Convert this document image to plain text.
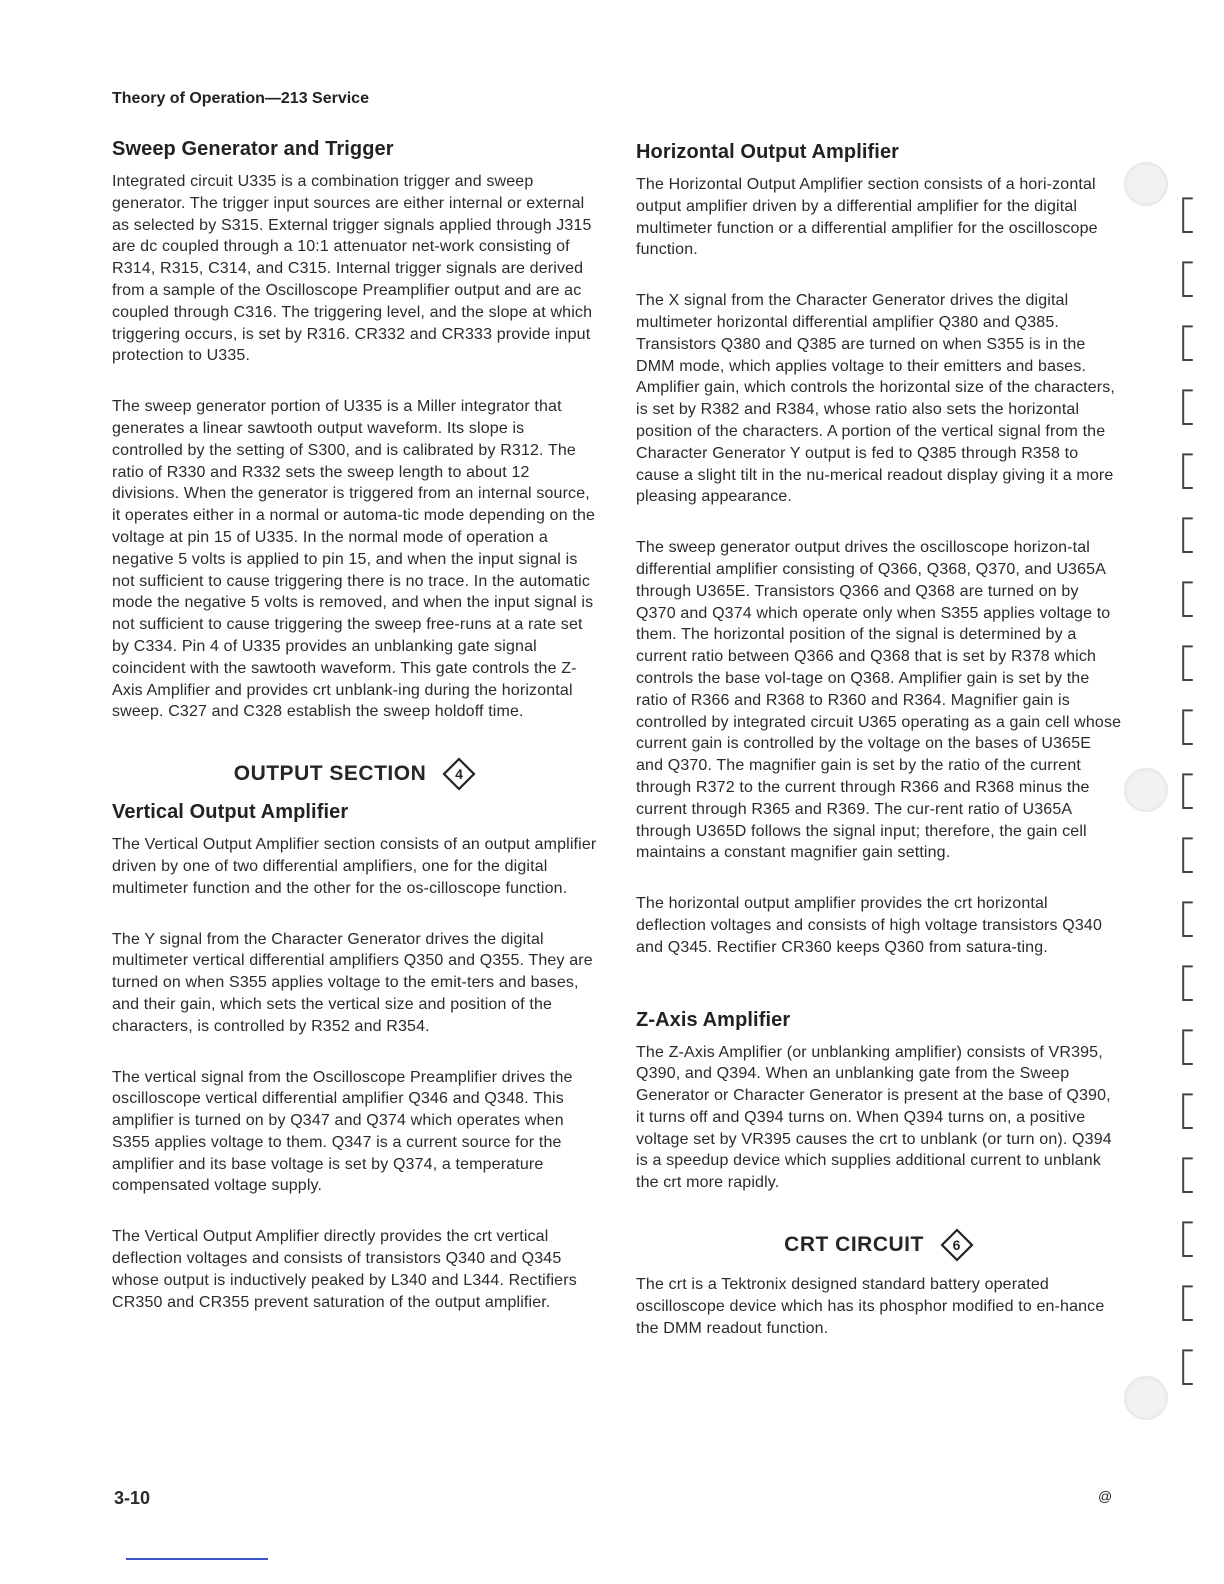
Theory of Operation—213 Service
Sweep Generator and Trigger

Integrated circuit U335 is a combination trigger and sweep generator. The trigger input sources are either internal or external as selected by S315. External trigger signals applied through J315 are dc coupled through a 10:1 attenuator net-work consisting of R314, R315, C314, and C315. Internal trigger signals are derived from a sample of the Oscilloscope Preamplifier output and are ac coupled through C316. The triggering level, and the slope at which triggering occurs, is set by R316. CR332 and CR333 provide input protection to U335.

The sweep generator portion of U335 is a Miller integrator that generates a linear sawtooth output waveform. Its slope is controlled by the setting of S300, and is calibrated by R312. The ratio of R330 and R332 sets the sweep length to about 12 divisions. When the generator is triggered from an internal source, it operates either in a normal or automa-tic mode depending on the voltage at pin 15 of U335. In the normal mode of operation a negative 5 volts is applied to pin 15, and when the input signal is not sufficient to cause triggering there is no trace. In the automatic mode the negative 5 volts is removed, and when the input signal is not sufficient to cause triggering the sweep free-runs at a rate set by C334. Pin 4 of U335 provides an unblanking gate signal coincident with the sawtooth waveform. This gate controls the Z-Axis Amplifier and provides crt unblank-ing during the horizontal sweep. C327 and C328 establish the sweep holdoff time.

OUTPUT SECTION	4
Vertical Output Amplifier

The Vertical Output Amplifier section consists of an output amplifier driven by one of two differential amplifiers, one for the digital multimeter function and the other for the os-cilloscope function.

The Y signal from the Character Generator drives the digital multimeter vertical differential amplifiers Q350 and Q355. They are turned on when S355 applies voltage to the emit-ters and bases, and their gain, which sets the vertical size and position of the characters, is controlled by R352 and R354.

The vertical signal from the Oscilloscope Preamplifier drives the oscilloscope vertical differential amplifier Q346 and Q348. This amplifier is turned on by Q347 and Q374 which operates when S355 applies voltage to them. Q347 is a current source for the amplifier and its base voltage is set by Q374, a temperature compensated voltage supply.

The Vertical Output Amplifier directly provides the crt vertical deflection voltages and consists of transistors Q340 and Q345 whose output is inductively peaked by L340 and L344. Rectifiers CR350 and CR355 prevent saturation of the output amplifier.

Horizontal Output Amplifier

The Horizontal Output Amplifier section consists of a hori-zontal output amplifier driven by a differential amplifier for the digital multimeter function or a differential amplifier for the oscilloscope function.

The X signal from the Character Generator drives the digital multimeter horizontal differential amplifier Q380 and Q385. Transistors Q380 and Q385 are turned on when S355 is in the DMM mode, which applies voltage to their emitters and bases. Amplifier gain, which controls the horizontal size of the characters, is set by R382 and R384, whose ratio also sets the horizontal position of the characters. A portion of the vertical signal from the Character Generator Y output is fed to Q385 through R358 to cause a slight tilt in the nu-merical readout display giving it a more pleasing appearance.

The sweep generator output drives the oscilloscope horizon-tal differential amplifier consisting of Q366, Q368, Q370, and U365A through U365E. Transistors Q366 and Q368 are turned on by Q370 and Q374 which operate only when S355 applies voltage to them. The horizontal position of the signal is determined by a current ratio between Q366 and Q368 that is set by R378 which controls the base vol-tage on Q368. Amplifier gain is set by the ratio of R366 and R368 to R360 and R364. Magnifier gain is controlled by integrated circuit U365 operating as a gain cell whose current gain is controlled by the voltage on the bases of U365E and Q370. The magnifier gain is set by the ratio of the current through R372 to the current through R366 and R368 minus the current through R365 and R369. The cur-rent ratio of U365A through U365D follows the signal input; therefore, the gain cell maintains a constant magnifier gain setting.

The horizontal output amplifier provides the crt horizontal deflection voltages and consists of high voltage transistors Q340 and Q345. Rectifier CR360 keeps Q360 from satura-ting.

Z-Axis Amplifier

The Z-Axis Amplifier (or unblanking amplifier) consists of VR395, Q390, and Q394. When an unblanking gate from the Sweep Generator or Character Generator is present at the base of Q390, it turns off and Q394 turns on. When Q394 turns on, a positive voltage set by VR395 causes the crt to unblank (or turn on). Q394 is a speedup device which supplies additional current to unblank the crt more rapidly.

CRT CIRCUIT	6

The crt is a Tektronix designed standard battery operated oscilloscope device which has its phosphor modified to en-hance the DMM readout function.

3-10	@
